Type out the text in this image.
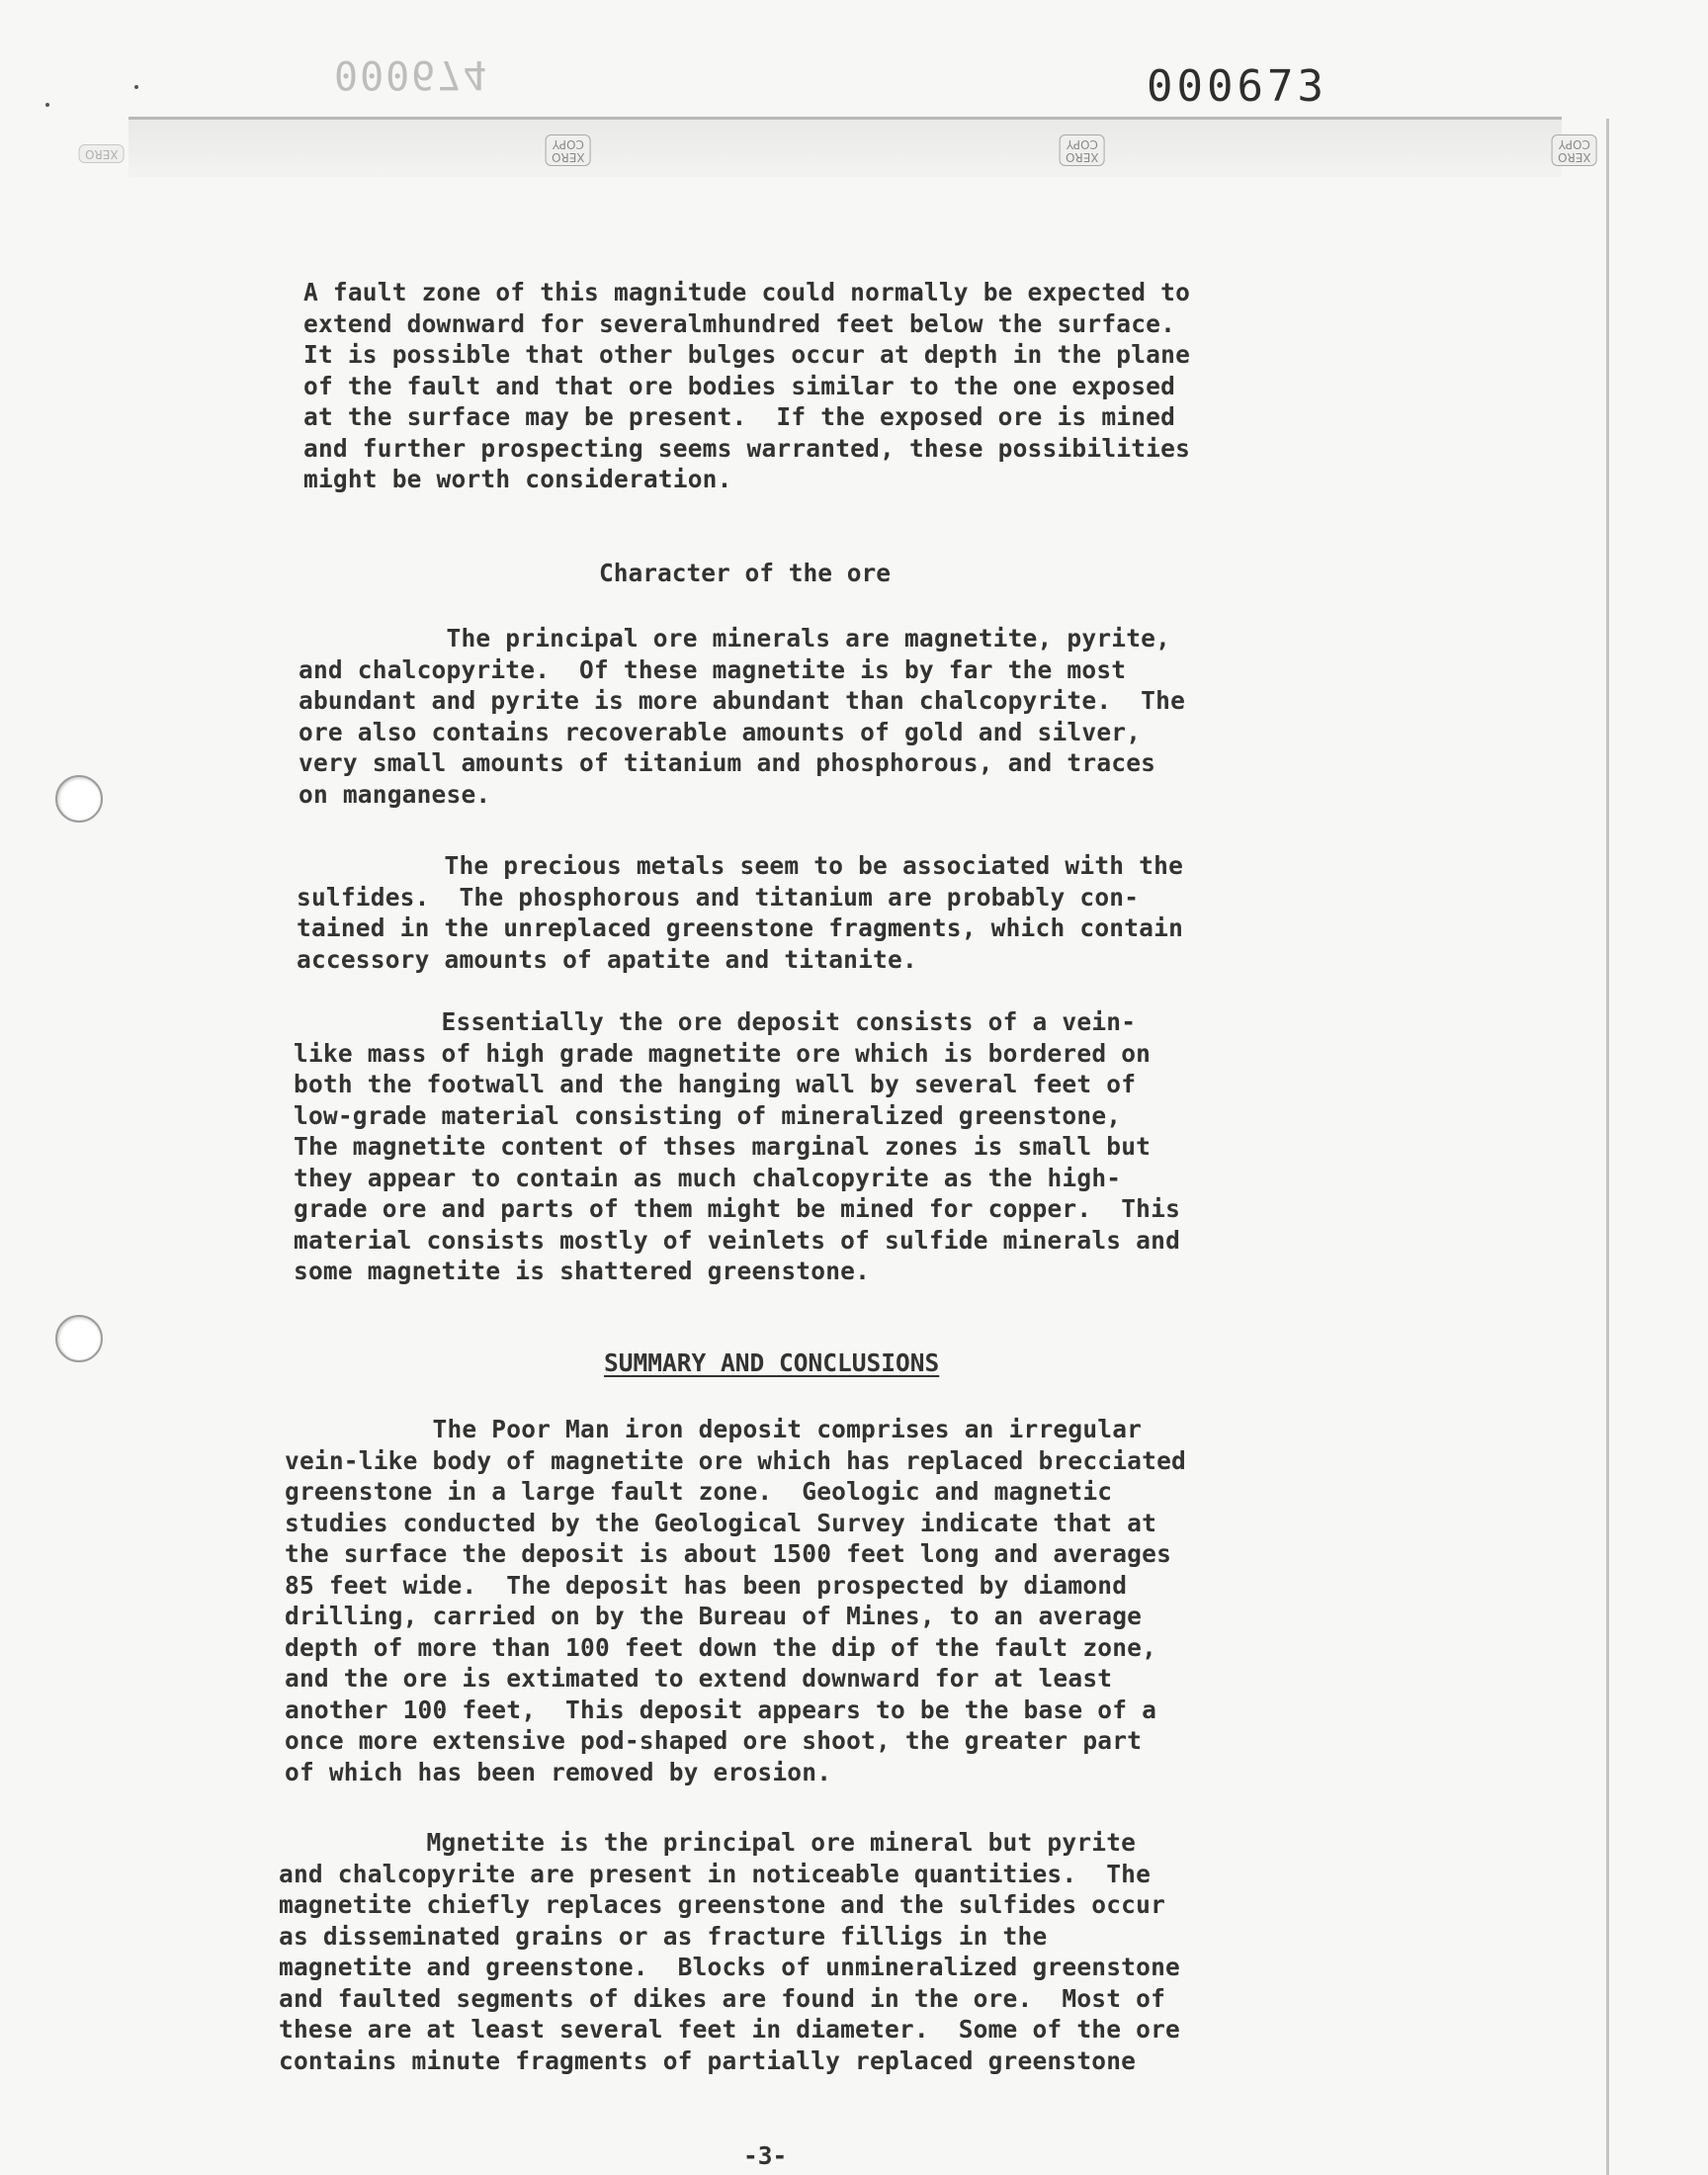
000674	000673
XERO	XERO
COPY
XERO
COPY
XERO
COPY

A fault zone of this magnitude could normally be expected to
extend downward for severalmhundred feet below the surface.
It is possible that other bulges occur at depth in the plane
of the fault and that ore bodies similar to the one exposed
at the surface may be present.  If the exposed ore is mined
and further prospecting seems warranted, these possibilities
might be worth consideration.

Character of the ore

The principal ore minerals are magnetite, pyrite,
and chalcopyrite.  Of these magnetite is by far the most
abundant and pyrite is more abundant than chalcopyrite.  The
ore also contains recoverable amounts of gold and silver,
very small amounts of titanium and phosphorous, and traces
on manganese.

The precious metals seem to be associated with the
sulfides.  The phosphorous and titanium are probably con-
tained in the unreplaced greenstone fragments, which contain
accessory amounts of apatite and titanite.

Essentially the ore deposit consists of a vein-
like mass of high grade magnetite ore which is bordered on
both the footwall and the hanging wall by several feet of
low-grade material consisting of mineralized greenstone,
The magnetite content of thses marginal zones is small but
they appear to contain as much chalcopyrite as the high-
grade ore and parts of them might be mined for copper.  This
material consists mostly of veinlets of sulfide minerals and
some magnetite is shattered greenstone.

SUMMARY AND CONCLUSIONS

The Poor Man iron deposit comprises an irregular
vein-like body of magnetite ore which has replaced brecciated
greenstone in a large fault zone.  Geologic and magnetic
studies conducted by the Geological Survey indicate that at
the surface the deposit is about 1500 feet long and averages
85 feet wide.  The deposit has been prospected by diamond
drilling, carried on by the Bureau of Mines, to an average
depth of more than 100 feet down the dip of the fault zone,
and the ore is extimated to extend downward for at least
another 100 feet,  This deposit appears to be the base of a
once more extensive pod-shaped ore shoot, the greater part
of which has been removed by erosion.

Mgnetite is the principal ore mineral but pyrite
and chalcopyrite are present in noticeable quantities.  The
magnetite chiefly replaces greenstone and the sulfides occur
as disseminated grains or as fracture filligs in the
magnetite and greenstone.  Blocks of unmineralized greenstone
and faulted segments of dikes are found in the ore.  Most of
these are at least several feet in diameter.  Some of the ore
contains minute fragments of partially replaced greenstone

-3-
